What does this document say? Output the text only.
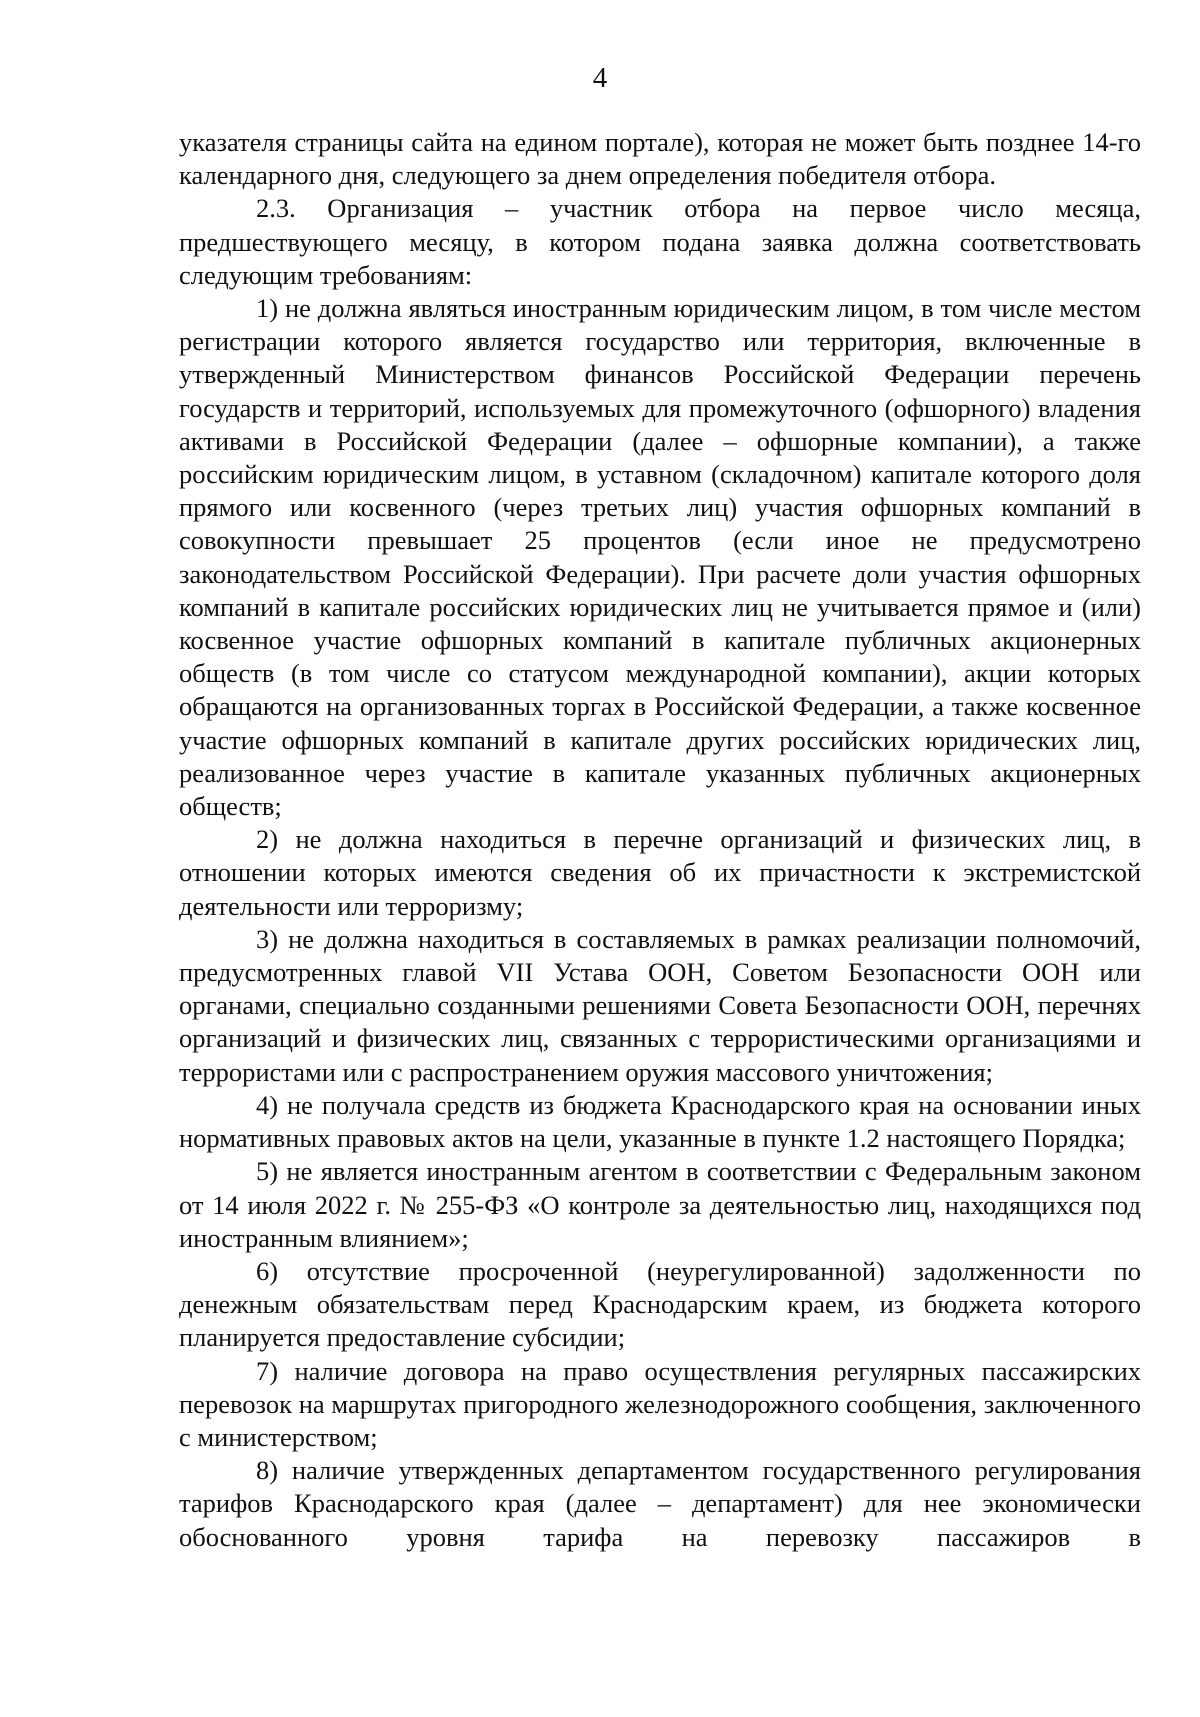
4

указателя страницы сайта на едином портале), которая не может быть позднее 14-го календарного дня, следующего за днем определения победителя отбора.

2.3. Организация – участник отбора на первое число месяца, предшествующего месяцу, в котором подана заявка должна соответствовать следующим требованиям:

1) не должна являться иностранным юридическим лицом, в том числе местом регистрации которого является государство или территория, включенные в утвержденный Министерством финансов Российской Федерации перечень государств и территорий, используемых для промежуточного (офшорного) владения активами в Российской Федерации (далее – офшорные компании), а также российским юридическим лицом, в уставном (складочном) капитале которого доля прямого или косвенного (через третьих лиц) участия офшорных компаний в совокупности превышает 25 процентов (если иное не предусмотрено законодательством Российской Федерации). При расчете доли участия офшорных компаний в капитале российских юридических лиц не учитывается прямое и (или) косвенное участие офшорных компаний в капитале публичных акционерных обществ (в том числе со статусом международной компании), акции которых обращаются на организованных торгах в Российской Федерации, а также косвенное участие офшорных компаний в капитале других российских юридических лиц, реализованное через участие в капитале указанных публичных акционерных обществ;

2) не должна находиться в перечне организаций и физических лиц, в отношении которых имеются сведения об их причастности к экстремистской деятельности или терроризму;

3) не должна находиться в составляемых в рамках реализации полномочий, предусмотренных главой VII Устава ООН, Советом Безопасности ООН или органами, специально созданными решениями Совета Безопасности ООН, перечнях организаций и физических лиц, связанных с террористическими организациями и террористами или с распространением оружия массового уничтожения;

4) не получала средств из бюджета Краснодарского края на основании иных нормативных правовых актов на цели, указанные в пункте 1.2 настоящего Порядка;

5) не является иностранным агентом в соответствии с Федеральным законом от 14 июля 2022 г. № 255-ФЗ «О контроле за деятельностью лиц, находящихся под иностранным влиянием»;

6) отсутствие просроченной (неурегулированной) задолженности по денежным обязательствам перед Краснодарским краем, из бюджета которого планируется предоставление субсидии;

7) наличие договора на право осуществления регулярных пассажирских перевозок на маршрутах пригородного железнодорожного сообщения, заключенного с министерством;

8) наличие утвержденных департаментом государственного регулирования тарифов Краснодарского края (далее – департамент) для нее экономически обоснованного уровня тарифа на перевозку пассажиров в
